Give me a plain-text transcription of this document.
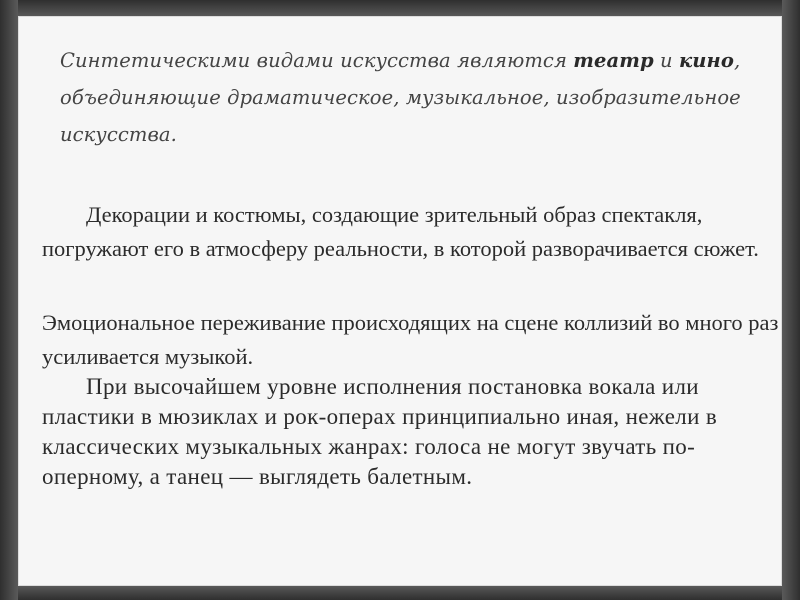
Синтетическими видами искусства являются театр и кино, объединяющие драматическое, музыкальное, изобразительное искусства.

Декорации и костюмы, создающие зрительный образ спектакля, погружают его в атмосферу реальности, в которой разворачивается сюжет.

Эмоциональное переживание происходящих на сцене коллизий во много раз усиливается музыкой.

При высочайшем уровне исполнения постановка вокала или пластики в мюзиклах и рок-операх принципиально иная, нежели в классических музыкальных жанрах: голоса не могут звучать по-оперному, а танец — выглядеть балетным.
